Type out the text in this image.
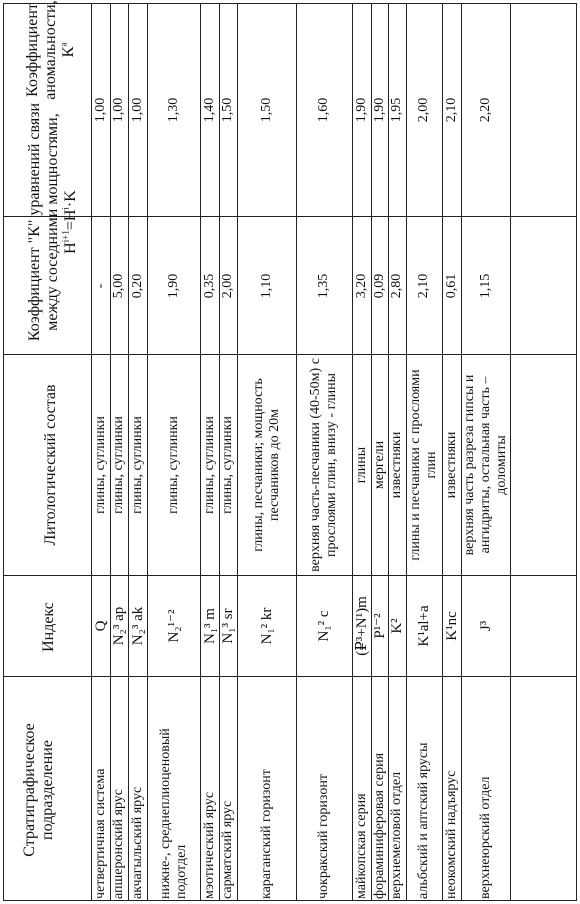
Стратиграфическое подразделение
Индекс
Литологический состав

Коэффициент "К" уравнений связи между соседними мощностями, $H^{i+1}=H^i\cdot K$

Коэффициент аномальности, $К^а$

четвертичная система
Q
глины, суглинки
-
1,00
апшеронский ярус
N₂³ ap
глины, суглинки
5,00
1,00
акчагыльский ярус
N₂³ ak
глины, суглинки
0,20
1,00
нижне-, среднеплиоценовый подотдел
N₂¹⁻²
глины, суглинки
1,90
1,30
мэотический ярус
N₁³ m
глины, суглинки
0,35
1,40
сарматский ярус
N₁³ sr
глины, суглинки
2,00
1,50
караганский горизонт
N₁² kr
глины, песчаники; мощность песчаников до 20м
1,10
1,50
чокракский горизонт
N₁² c
верхняя часть-песчаники (40-50м) с прослоями глин, внизу - глины
1,35
1,60
майкопская серия
(₽³+N¹)m
глины
3,20
1,90
фораминиферовая серия
P¹⁻²
мергели
0,09
1,90
верхнемеловой отдел
K²
известняки
2,80
1,95
альбский и аптский ярусы
K¹al+a
глины и песчаники с прослоями глин
2,10
2,00
неокомский надъярус
K¹nc
известняки
0,61
2,10
верхнеюрский отдел
J³
верхняя часть разреза гипсы и ангидриты, остальная часть – доломиты
1,15
2,20
